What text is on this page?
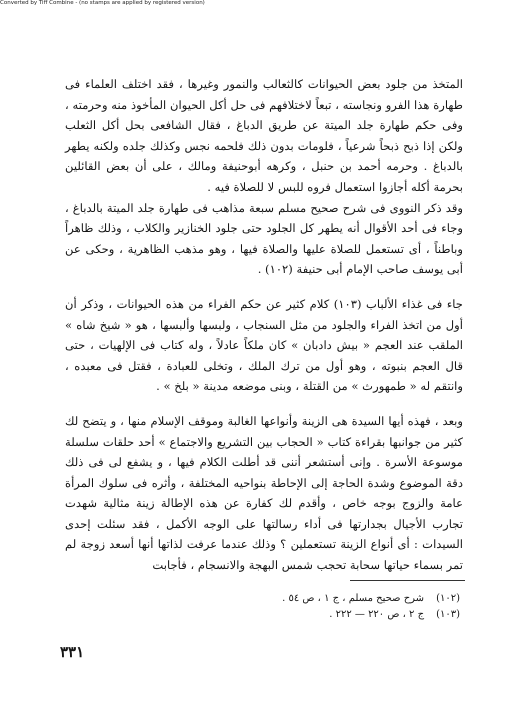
Converted by Tiff Combine - (no stamps are applied by registered version)

المتخذ من جلود بعض الحيوانات كالثعالب والنمور وغيرها ، فقد اختلف العلماء فى طهارة هذا الفرو ونجاسته ، تبعاً لاختلافهم فى حل أكل الحيوان المأخوذ منه وحرمته ، وفى حكم طهارة جلد الميتة عن طريق الدباغ ، فقال الشافعى بحل أكل الثعلب ولكن إذا ذبح ذبحاً شرعياً ، فلومات بدون ذلك فلحمه نجس وكذلك جلده ولكنه يطهر بالدباغ . وحرمه أحمد بن حنبل ، وكرهه أبوحنيفة ومالك ، على أن بعض القائلين بحرمة أكله أجازوا استعمال فروه للبس لا للصلاة فيه .

وقد ذكر النووى فى شرح صحيح مسلم سبعة مذاهب فى طهارة جلد الميتة بالدباغ ، وجاء فى أحد الأقوال أنه يطهر كل الجلود حتى جلود الخنازير والكلاب ، وذلك ظاهراً وباطناً ، أى تستعمل للصلاة عليها والصلاة فيها ، وهو مذهب الظاهرية ، وحكى عن أبى يوسف صاحب الإمام أبى حنيفة (١٠٢) .

جاء فى غذاء الألباب (١٠٣) كلام كثير عن حكم الفراء من هذه الحيوانات ، وذكر أن أول من اتخذ الفراء والجلود من مثل السنجاب ، ولبسها وألبسها ، هو « شيخ شاه » الملقب عند العجم « بيش دادبان » كان ملكاً عادلاً ، وله كتاب فى الإلهيات ، حتى قال العجم بنبوته ، وهو أول من ترك الملك ، وتخلى للعبادة ، فقتل فى معبده ، وانتقم له « طمهورث » من القتلة ، وبنى موضعه مدينة « بلخ » .

وبعد ، فهذه أيها السيدة هى الزينة وأنواعها الغالبة وموقف الإسلام منها ، و يتضح لك كثير من جوانبها بقراءة كتاب « الحجاب بين التشريع والاجتماع » أحد حلقات سلسلة موسوعة الأسرة . وإنى أستشعر أننى قد أطلت الكلام فيها ، و يشفع لى فى ذلك دقة الموضوع وشدة الحاجة إلى الإحاطة بنواحيه المختلفة ، وأثره فى سلوك المرأة عامة والزوج بوجه خاص ، وأقدم لك كفارة عن هذه الإطالة زينة مثالية شهدت تجارب الأجيال بجدارتها فى أداء رسالتها على الوجه الأكمل ، فقد سئلت إحدى السيدات : أى أنواع الزينة تستعملين ؟ وذلك عندما عرفت لذاتها أنها أسعد زوجة لم تمر بسماء حياتها سحابة تحجب شمس البهجة والانسجام ، فأجابت

(١٠٢)
شرح صحيح مسلم ، ج ١ ، ص ٥٤ .
(١٠٣)
ج ٢ ، ص ٢٢٠ — ٢٢٢ .
٣٣١
